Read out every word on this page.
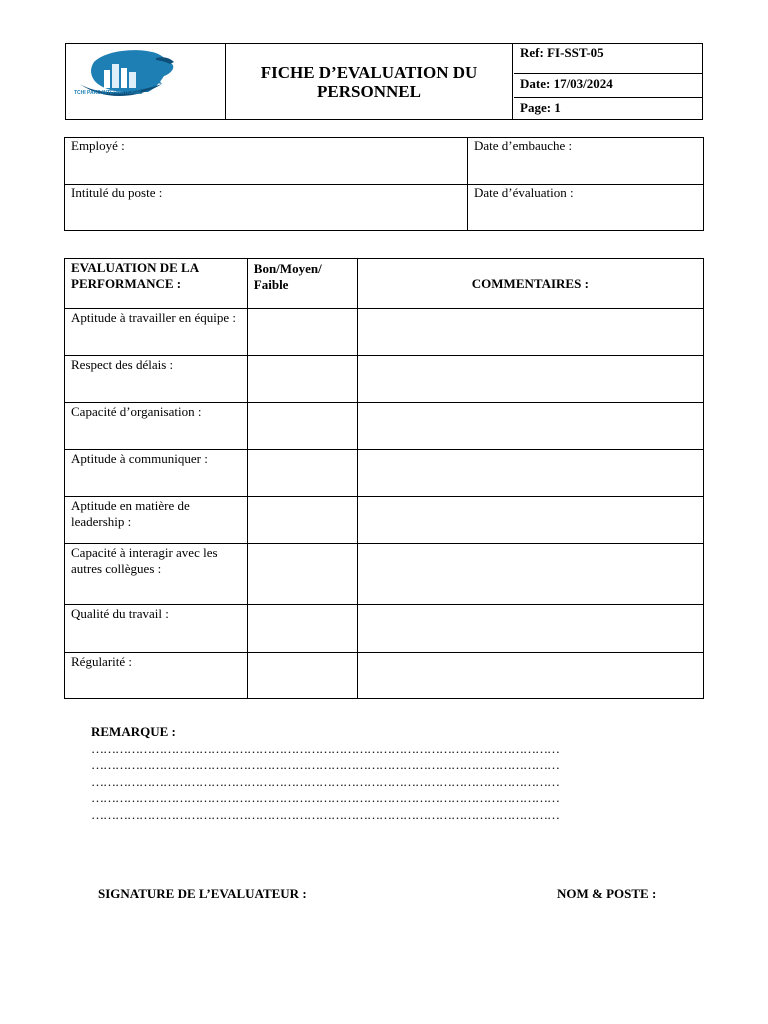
TCHI PAKS INTERNATIONAL
FICHE D’EVALUATION DU PERSONNEL
Ref: FI-SST-05
Date: 17/03/2024
Page: 1
Employé :	Date d’embauche :
Intitulé du poste :	Date d’évaluation :
EVALUATION DE LA PERFORMANCE :	Bon/Moyen/ Faible	COMMENTAIRES :
Aptitude à travailler en équipe :		
Respect des délais :		
Capacité d’organisation :		
Aptitude à communiquer :		
Aptitude en matière de leadership :		
Capacité à interagir avec les autres collègues :		
Qualité du travail :		
Régularité :		
REMARQUE :
………………………………………………………………………………………………………
………………………………………………………………………………………………………
………………………………………………………………………………………………………
………………………………………………………………………………………………………
………………………………………………………………………………………………………
SIGNATURE DE L’EVALUATEUR :	NOM & POSTE :
